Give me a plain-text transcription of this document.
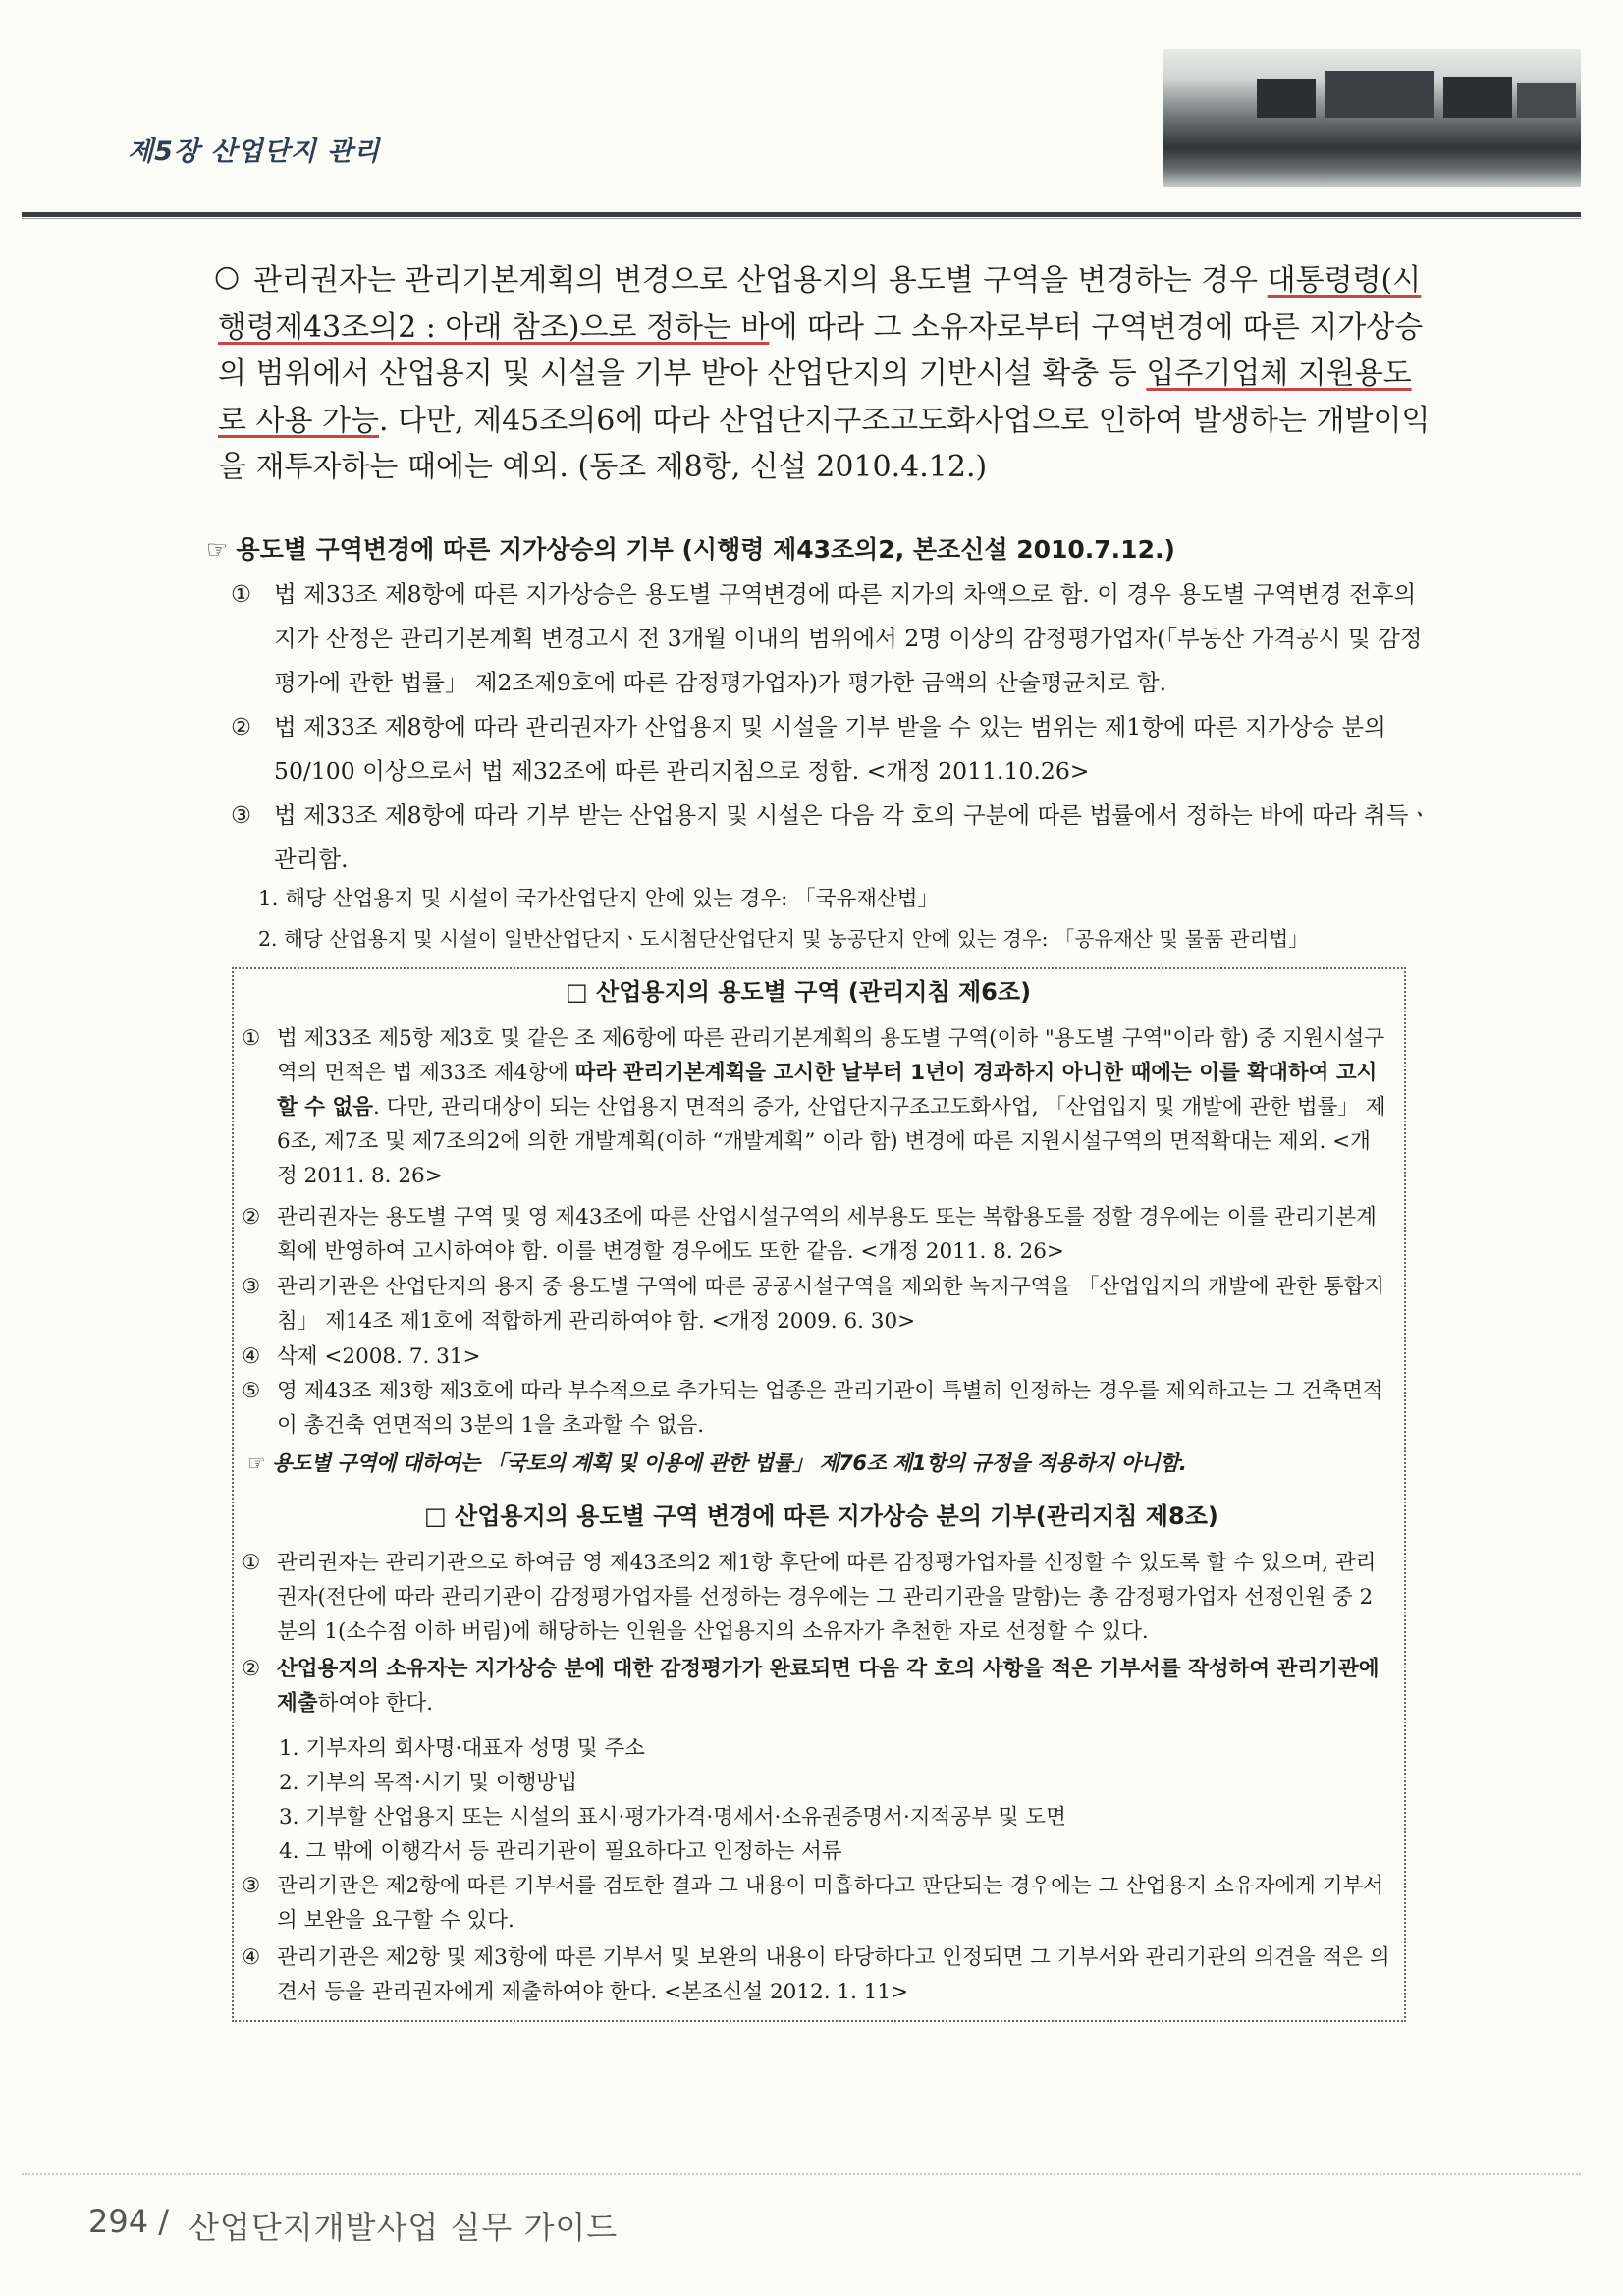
제5장 산업단지 관리
○ 관리권자는 관리기본계획의 변경으로 산업용지의 용도별 구역을 변경하는 경우 대통령령(시행령제43조의2 : 아래 참조)으로 정하는 바에 따라 그 소유자로부터 구역변경에 따른 지가상승의 범위에서 산업용지 및 시설을 기부 받아 산업단지의 기반시설 확충 등 입주기업체 지원용도로 사용 가능. 다만, 제45조의6에 따라 산업단지구조고도화사업으로 인하여 발생하는 개발이익을 재투자하는 때에는 예외. (동조 제8항, 신설 2010.4.12.)
☞ 용도별 구역변경에 따른 지가상승의 기부 (시행령 제43조의2, 본조신설 2010.7.12.)
① 법 제33조 제8항에 따른 지가상승은 용도별 구역변경에 따른 지가의 차액으로 함. 이 경우 용도별 구역변경 전후의 지가 산정은 관리기본계획 변경고시 전 3개월 이내의 범위에서 2명 이상의 감정평가업자(「부동산 가격공시 및 감정평가에 관한 법률」 제2조제9호에 따른 감정평가업자)가 평가한 금액의 산술평균치로 함.
② 법 제33조 제8항에 따라 관리권자가 산업용지 및 시설을 기부 받을 수 있는 범위는 제1항에 따른 지가상승 분의 50/100 이상으로서 법 제32조에 따른 관리지침으로 정함. <개정 2011.10.26>
③ 법 제33조 제8항에 따라 기부 받는 산업용지 및 시설은 다음 각 호의 구분에 따른 법률에서 정하는 바에 따라 취득ㆍ관리함.
1. 해당 산업용지 및 시설이 국가산업단지 안에 있는 경우: 「국유재산법」
2. 해당 산업용지 및 시설이 일반산업단지ㆍ도시첨단산업단지 및 농공단지 안에 있는 경우: 「공유재산 및 물품 관리법」
□ 산업용지의 용도별 구역 (관리지침 제6조)
① 법 제33조 제5항 제3호 및 같은 조 제6항에 따른 관리기본계획의 용도별 구역(이하 "용도별 구역"이라 함) 중 지원시설구역의 면적은 법 제33조 제4항에 따라 관리기본계획을 고시한 날부터 1년이 경과하지 아니한 때에는 이를 확대하여 고시할 수 없음. 다만, 관리대상이 되는 산업용지 면적의 증가, 산업단지구조고도화사업, 「산업입지 및 개발에 관한 법률」 제6조, 제7조 및 제7조의2에 의한 개발계획(이하 “개발계획” 이라 함) 변경에 따른 지원시설구역의 면적확대는 제외. <개정 2011. 8. 26>
② 관리권자는 용도별 구역 및 영 제43조에 따른 산업시설구역의 세부용도 또는 복합용도를 정할 경우에는 이를 관리기본계획에 반영하여 고시하여야 함. 이를 변경할 경우에도 또한 같음. <개정 2011. 8. 26>
③ 관리기관은 산업단지의 용지 중 용도별 구역에 따른 공공시설구역을 제외한 녹지구역을 「산업입지의 개발에 관한 통합지침」 제14조 제1호에 적합하게 관리하여야 함. <개정 2009. 6. 30>
④ 삭제 <2008. 7. 31>
⑤ 영 제43조 제3항 제3호에 따라 부수적으로 추가되는 업종은 관리기관이 특별히 인정하는 경우를 제외하고는 그 건축면적이 총건축 연면적의 3분의 1을 초과할 수 없음.
☞ 용도별 구역에 대하여는 「국토의 계획 및 이용에 관한 법률」 제76조 제1항의 규정을 적용하지 아니함.
□ 산업용지의 용도별 구역 변경에 따른 지가상승 분의 기부(관리지침 제8조)
① 관리권자는 관리기관으로 하여금 영 제43조의2 제1항 후단에 따른 감정평가업자를 선정할 수 있도록 할 수 있으며, 관리권자(전단에 따라 관리기관이 감정평가업자를 선정하는 경우에는 그 관리기관을 말함)는 총 감정평가업자 선정인원 중 2분의 1(소수점 이하 버림)에 해당하는 인원을 산업용지의 소유자가 추천한 자로 선정할 수 있다.
② 산업용지의 소유자는 지가상승 분에 대한 감정평가가 완료되면 다음 각 호의 사항을 적은 기부서를 작성하여 관리기관에 제출하여야 한다.
1. 기부자의 회사명·대표자 성명 및 주소
2. 기부의 목적·시기 및 이행방법
3. 기부할 산업용지 또는 시설의 표시·평가가격·명세서·소유권증명서·지적공부 및 도면
4. 그 밖에 이행각서 등 관리기관이 필요하다고 인정하는 서류
③ 관리기관은 제2항에 따른 기부서를 검토한 결과 그 내용이 미흡하다고 판단되는 경우에는 그 산업용지 소유자에게 기부서의 보완을 요구할 수 있다.
④ 관리기관은 제2항 및 제3항에 따른 기부서 및 보완의 내용이 타당하다고 인정되면 그 기부서와 관리기관의 의견을 적은 의견서 등을 관리권자에게 제출하여야 한다. <본조신설 2012. 1. 11>
294 / 산업단지개발사업 실무 가이드
